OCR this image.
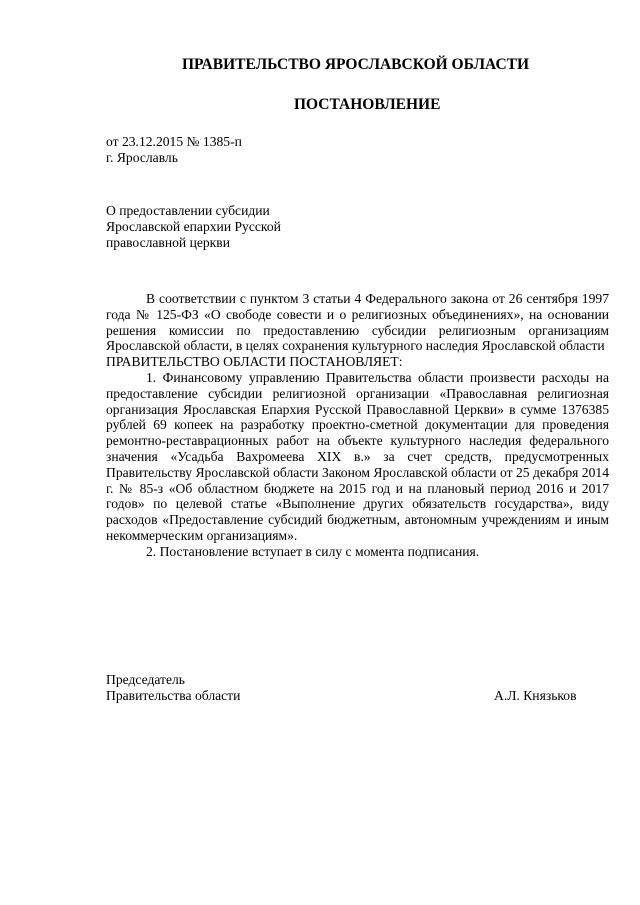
ПРАВИТЕЛЬСТВО ЯРОСЛАВСКОЙ ОБЛАСТИ
ПОСТАНОВЛЕНИЕ
от 23.12.2015 № 1385-п
г. Ярославль
О предоставлении субсидии
Ярославской епархии Русской
православной церкви

В соответствии с пунктом 3 статьи 4 Федерального закона от 26 сентября 1997 года № 125-ФЗ «О свободе совести и о религиозных объединениях», на основании решения комиссии по предоставлению субсидии религиозным организациям Ярославской области, в целях сохранения культурного наследия Ярославской области

ПРАВИТЕЛЬСТВО ОБЛАСТИ ПОСТАНОВЛЯЕТ:

1. Финансовому управлению Правительства области произвести расходы на предоставление субсидии религиозной организации «Православная религиозная организация Ярославская Епархия Русской Православной Церкви» в сумме 1376385 рублей 69 копеек на разработку проектно-сметной документации для проведения ремонтно-реставрационных работ на объекте культурного наследия федерального значения «Усадьба Вахромеева XIX в.» за счет средств, предусмотренных Правительству Ярославской области Законом Ярославской области от 25 декабря 2014 г. № 85-з «Об областном бюджете на 2015 год и на плановый период 2016 и 2017 годов» по целевой статье «Выполнение других обязательств государства», виду расходов «Предоставление субсидий бюджетным, автономным учреждениям и иным некоммерческим организациям».

2. Постановление вступает в силу с момента подписания.

Председатель
Правительства области	А.Л. Князьков
